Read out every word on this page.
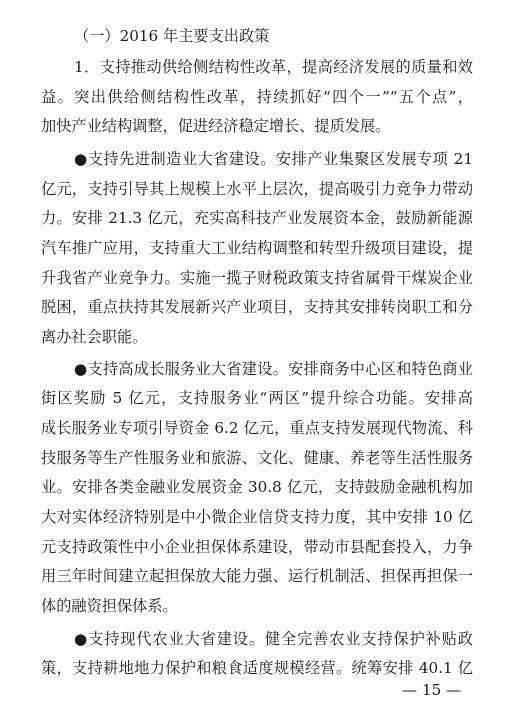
（一）2016 年主要支出政策
1．支持推动供给侧结构性改革，提高经济发展的质量和效
益。突出供给侧结构性改革，持续抓好“四个一”“五个点”，
加快产业结构调整，促进经济稳定增长、提质发展。
●支持先进制造业大省建设。安排产业集聚区发展专项 21
亿元，支持引导其上规模上水平上层次，提高吸引力竞争力带动
力。安排 21.3 亿元，充实高科技产业发展资本金，鼓励新能源
汽车推广应用，支持重大工业结构调整和转型升级项目建设，提
升我省产业竞争力。实施一揽子财税政策支持省属骨干煤炭企业
脱困，重点扶持其发展新兴产业项目，支持其安排转岗职工和分
离办社会职能。
●支持高成长服务业大省建设。安排商务中心区和特色商业
街区奖励 5 亿元，支持服务业“两区”提升综合功能。安排高
成长服务业专项引导资金 6.2 亿元，重点支持发展现代物流、科
技服务等生产性服务业和旅游、文化、健康、养老等生活性服务
业。安排各类金融业发展资金 30.8 亿元，支持鼓励金融机构加
大对实体经济特别是中小微企业信贷支持力度，其中安排 10 亿
元支持政策性中小企业担保体系建设，带动市县配套投入，力争
用三年时间建立起担保放大能力强、运行机制活、担保再担保一
体的融资担保体系。
— 15 —
●支持现代农业大省建设。健全完善农业支持保护补贴政
策，支持耕地地力保护和粮食适度规模经营。统筹安排 40.1 亿
